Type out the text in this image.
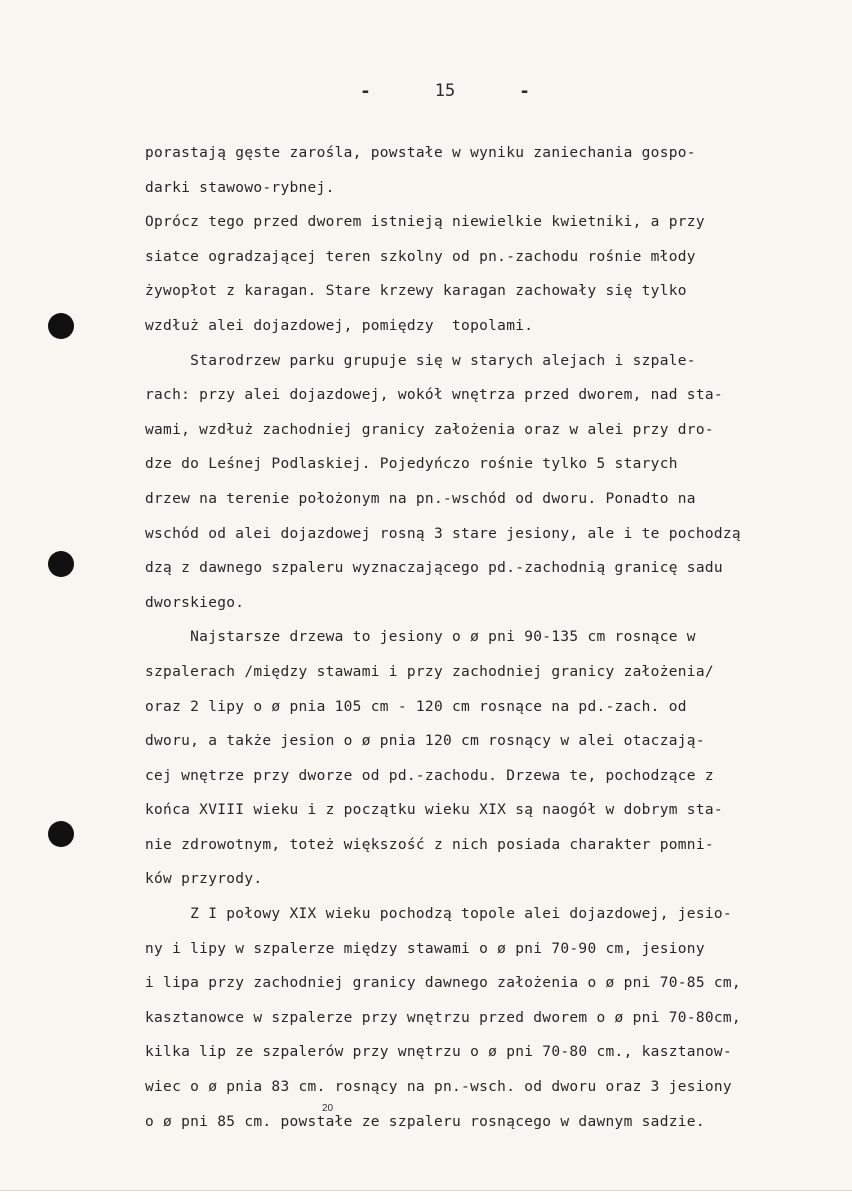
-	15	-
porastają gęste zarośla, powstałe w wyniku zaniechania gospo-
darki stawowo-rybnej.
Oprócz tego przed dworem istnieją niewielkie kwietniki, a przy
siatce ogradzającej teren szkolny od pn.-zachodu rośnie młody
żywopłot z karagan. Stare krzewy karagan zachowały się tylko
wzdłuż alei dojazdowej, pomiędzy  topolami.
Starodrzew parku grupuje się w starych alejach i szpale-
rach: przy alei dojazdowej, wokół wnętrza przed dworem, nad sta-
wami, wzdłuż zachodniej granicy założenia oraz w alei przy dro-
dze do Leśnej Podlaskiej. Pojedyńczo rośnie tylko 5 starych
drzew na terenie położonym na pn.-wschód od dworu. Ponadto na
wschód od alei dojazdowej rosną 3 stare jesiony, ale i te pochodzą
dzą z dawnego szpaleru wyznaczającego pd.-zachodnią granicę sadu
dworskiego.
Najstarsze drzewa to jesiony o ø pni 90-135 cm rosnące w
szpalerach /między stawami i przy zachodniej granicy założenia/
oraz 2 lipy o ø pnia 105 cm - 120 cm rosnące na pd.-zach. od
dworu, a także jesion o ø pnia 120 cm rosnący w alei otaczają-
cej wnętrze przy dworze od pd.-zachodu. Drzewa te, pochodzące z
końca XVIII wieku i z początku wieku XIX są naogół w dobrym sta-
nie zdrowotnym, toteż większość z nich posiada charakter pomni-
ków przyrody.
Z I połowy XIX wieku pochodzą topole alei dojazdowej, jesio-
ny i lipy w szpalerze między stawami o ø pni 70-90 cm, jesiony
i lipa przy zachodniej granicy dawnego założenia o ø pni 70-85 cm,
kasztanowce w szpalerze przy wnętrzu przed dworem o ø pni 70-80cm,
kilka lip ze szpalerów przy wnętrzu o ø pni 70-80 cm., kasztanow-
wiec o ø pnia 83 cm. rosnący na pn.-wsch. od dworu oraz 3 jesiony
o ø pni 85 cm. powstałe ze szpaleru rosnącego w dawnym sadzie.
20
